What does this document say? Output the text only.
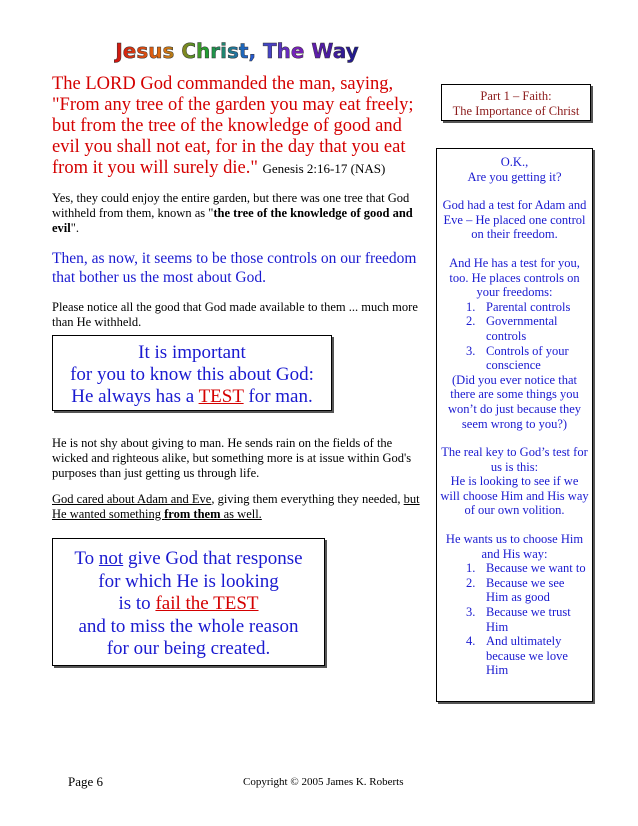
Jesus Christ, The Way

The LORD God commanded the man, saying, "From any tree of the garden you may eat freely; but from the tree of the knowledge of good and evil you shall not eat, for in the day that you eat from it you will surely die." Genesis 2:16-17 (NAS)

Yes, they could enjoy the entire garden, but there was one tree that God withheld from them, known as "the tree of the knowledge of good and evil".

Then, as now, it seems to be those controls on our freedom that bother us the most about God.

Please notice all the good that God made available to them ... much more than He withheld.

It is important
for you to know this about God:
He always has a TEST for man.

He is not shy about giving to man. He sends rain on the fields of the wicked and righteous alike, but something more is at issue within God's purposes than just getting us through life.

God cared about Adam and Eve, giving them everything they needed, but He wanted something from them as well.

To not give God that response
for which He is looking
is to fail the TEST
and to miss the whole reason
for our being created.
Part 1 – Faith:
The Importance of Christ

O.K.,

Are you getting it?

God had a test for Adam and Eve – He placed one control on their freedom.

And He has a test for you, too. He places controls on your freedoms:

1. Parental controls
2. Governmental controls
3. Controls of your conscience

(Did you ever notice that there are some things you won’t do just because they seem wrong to you?)

The real key to God’s test for us is this:

He is looking to see if we will choose Him and His way of our own volition.

He wants us to choose Him and His way:

1. Because we want to
2. Because we see Him as good
3. Because we trust Him
4. And ultimately because we love Him
Page 6	Copyright © 2005 James K. Roberts
